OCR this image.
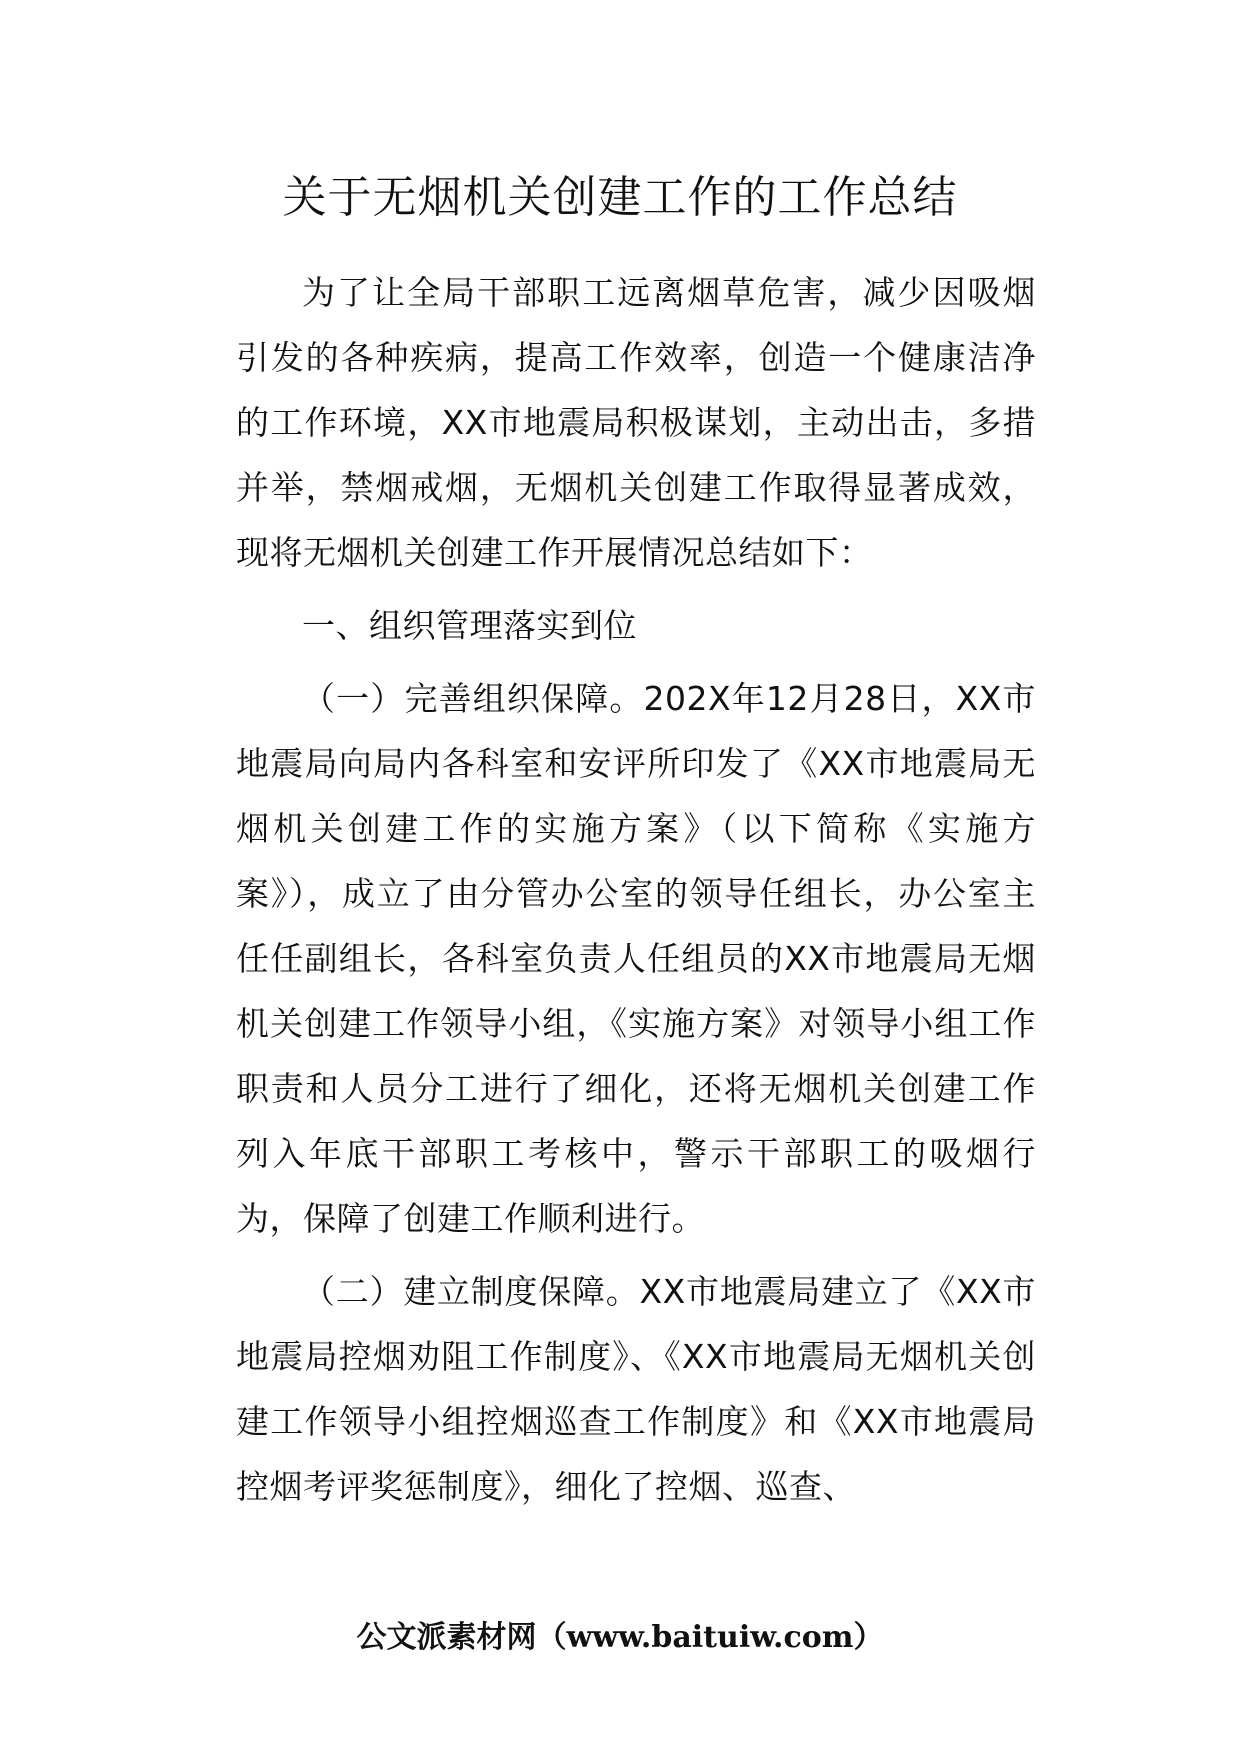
关于无烟机关创建工作的工作总结

为了让全局干部职工远离烟草危害，减少因吸烟引发的各种疾病，提高工作效率，创造一个健康洁净的工作环境，XX市地震局积极谋划，主动出击，多措并举，禁烟戒烟，无烟机关创建工作取得显著成效，现将无烟机关创建工作开展情况总结如下：

一、组织管理落实到位

（一）完善组织保障。202X年12月28日，XX市地震局向局内各科室和安评所印发了《XX市地震局无烟机关创建工作的实施方案》（以下简称《实施方案》），成立了由分管办公室的领导任组长，办公室主任任副组长，各科室负责人任组员的XX市地震局无烟机关创建工作领导小组，《实施方案》对领导小组工作职责和人员分工进行了细化，还将无烟机关创建工作列入年底干部职工考核中，警示干部职工的吸烟行为，保障了创建工作顺利进行。

（二）建立制度保障。XX市地震局建立了《XX市地震局控烟劝阻工作制度》、《XX市地震局无烟机关创建工作领导小组控烟巡查工作制度》和《XX市地震局控烟考评奖惩制度》，细化了控烟、巡查、

公文派素材网（www.baituiw.com）
